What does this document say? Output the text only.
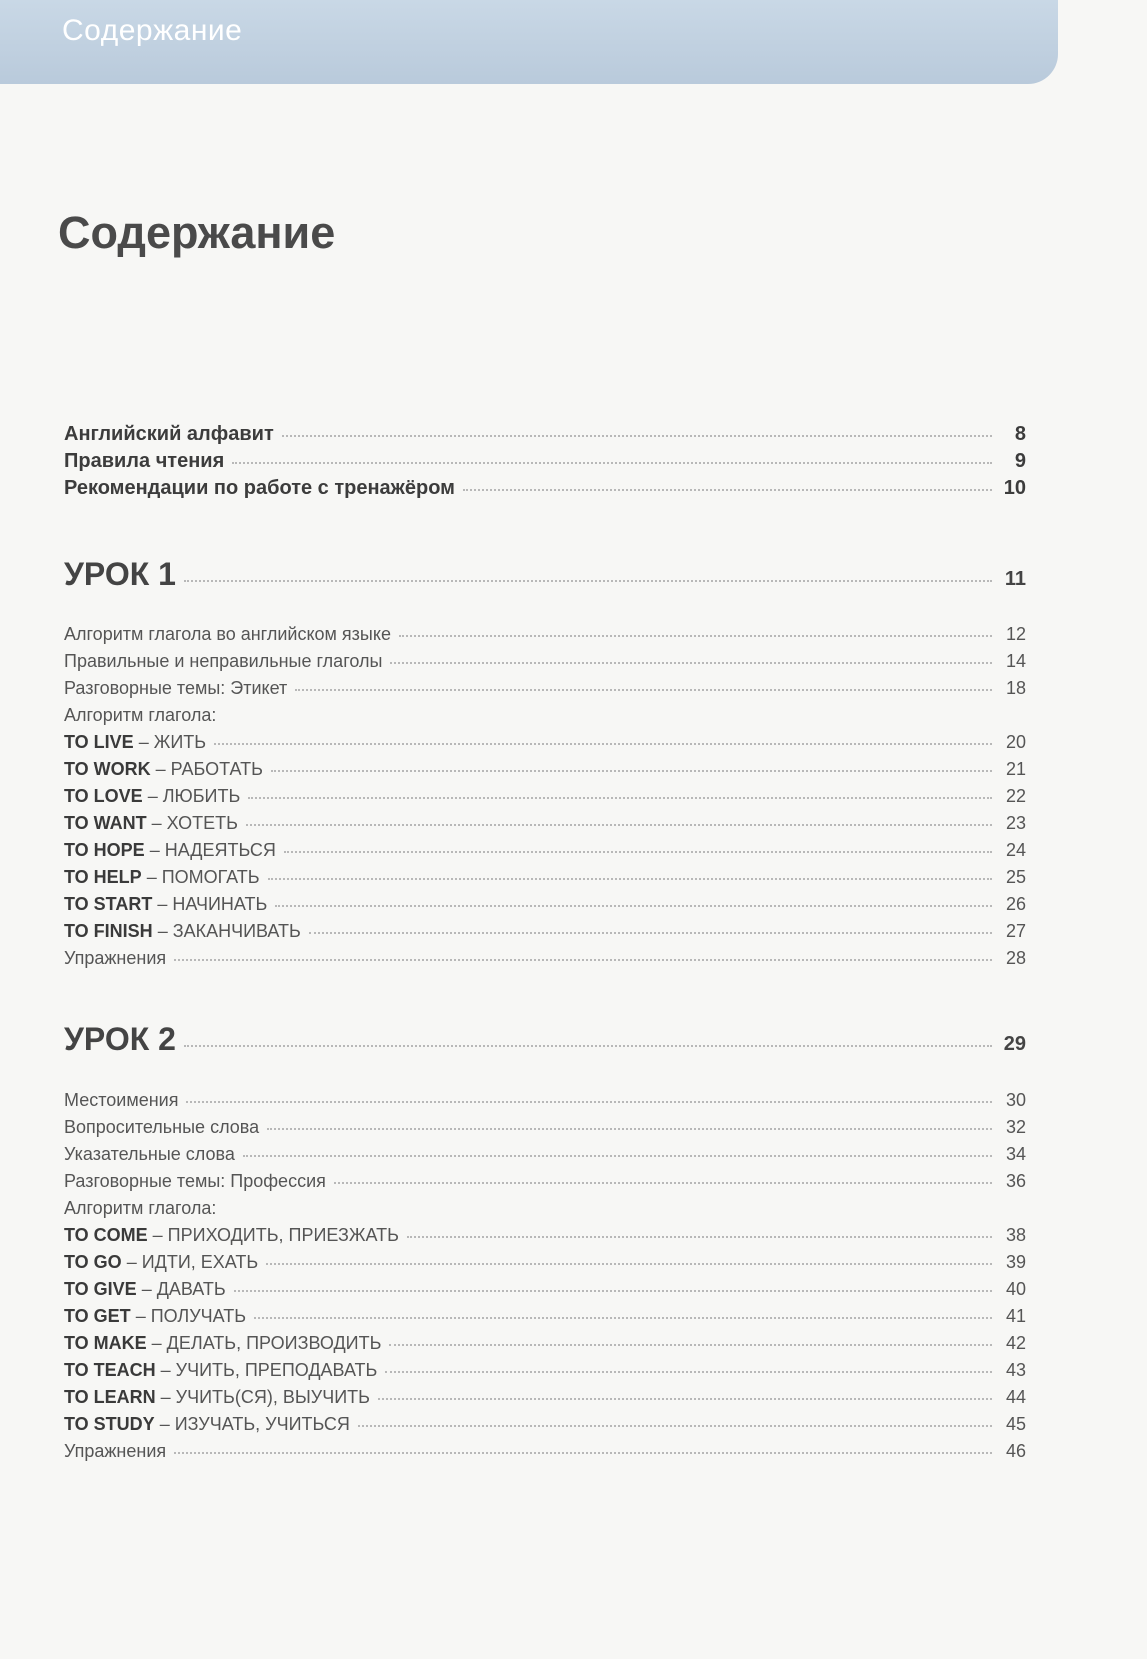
Содержание
Содержание
Английский алфавит	8
Правила чтения	9
Рекомендации по работе с тренажёром	10
УРОК 1	11
Алгоритм глагола во английском языке	12
Правильные и неправильные глаголы	14
Разговорные темы: Этикет	18
Алгоритм глагола:
TO LIVE – ЖИТЬ	20
TO WORK – РАБОТАТЬ	21
TO LOVE – ЛЮБИТЬ	22
TO WANT – ХОТЕТЬ	23
TO HOPE – НАДЕЯТЬСЯ	24
TO HELP – ПОМОГАТЬ	25
TO START – НАЧИНАТЬ	26
TO FINISH – ЗАКАНЧИВАТЬ	27
Упражнения	28
УРОК 2	29
Местоимения	30
Вопросительные слова	32
Указательные слова	34
Разговорные темы: Профессия	36
Алгоритм глагола:
TO COME – ПРИХОДИТЬ, ПРИЕЗЖАТЬ	38
TO GO – ИДТИ, ЕХАТЬ	39
TO GIVE – ДАВАТЬ	40
TO GET – ПОЛУЧАТЬ	41
TO MAKE – ДЕЛАТЬ, ПРОИЗВОДИТЬ	42
TO TEACH – УЧИТЬ, ПРЕПОДАВАТЬ	43
TO LEARN – УЧИТЬ(СЯ), ВЫУЧИТЬ	44
TO STUDY – ИЗУЧАТЬ, УЧИТЬСЯ	45
Упражнения	46
